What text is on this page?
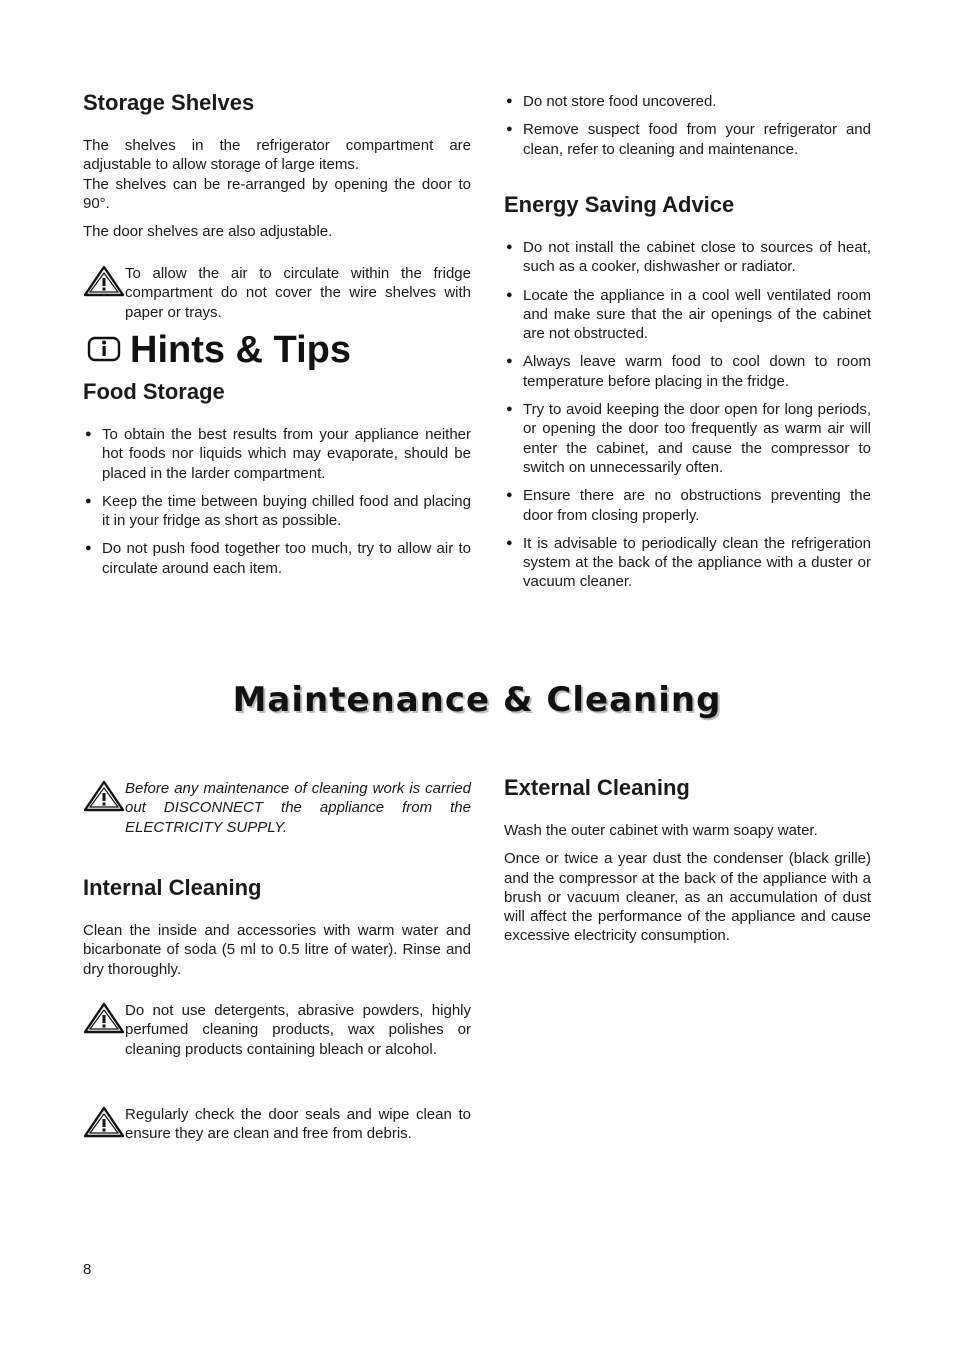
Storage Shelves

The shelves in the refrigerator compartment are adjustable to allow storage of large items.

The shelves can be re-arranged by opening the door to 90°.

The door shelves are also adjustable.

To allow the air to circulate within the fridge compartment do not cover the wire shelves with paper or trays.

Hints & Tips
Food Storage
● To obtain the best results from your appliance neither hot foods nor liquids which may evaporate, should be placed in the larder compartment.
● Keep the time between buying chilled food and placing it in your fridge as short as possible.
● Do not push food together too much, try to allow air to circulate around each item.
● Do not store food uncovered.
● Remove suspect food from your refrigerator and clean, refer to cleaning and maintenance.
Energy Saving Advice
● Do not install the cabinet close to sources of heat, such as a cooker, dishwasher or radiator.
● Locate the appliance in a cool well ventilated room and make sure that the air openings of the cabinet are not obstructed.
● Always leave warm food to cool down to room temperature before placing in the fridge.
● Try to avoid keeping the door open for long periods, or opening the door too frequently as warm air will enter the cabinet, and cause the compressor to switch on unnecessarily often.
● Ensure there are no obstructions preventing the door from closing properly.
● It is advisable to periodically clean the refrigeration system at the back of the appliance with a duster or vacuum cleaner.
Maintenance & Cleaning

Before any maintenance of cleaning work is carried out DISCONNECT the appliance from the ELECTRICITY SUPPLY.

Internal Cleaning

Clean the inside and accessories with warm water and bicarbonate of soda (5 ml to 0.5 litre of water). Rinse and dry thoroughly.

Do not use detergents, abrasive powders, highly perfumed cleaning products, wax polishes or cleaning products containing bleach or alcohol.

Regularly check the door seals and wipe clean to ensure they are clean and free from debris.

External Cleaning

Wash the outer cabinet with warm soapy water.

Once or twice a year dust the condenser (black grille) and the compressor at the back of the appliance with a brush or vacuum cleaner, as an accumulation of dust will affect the performance of the appliance and cause excessive electricity consumption.

8
